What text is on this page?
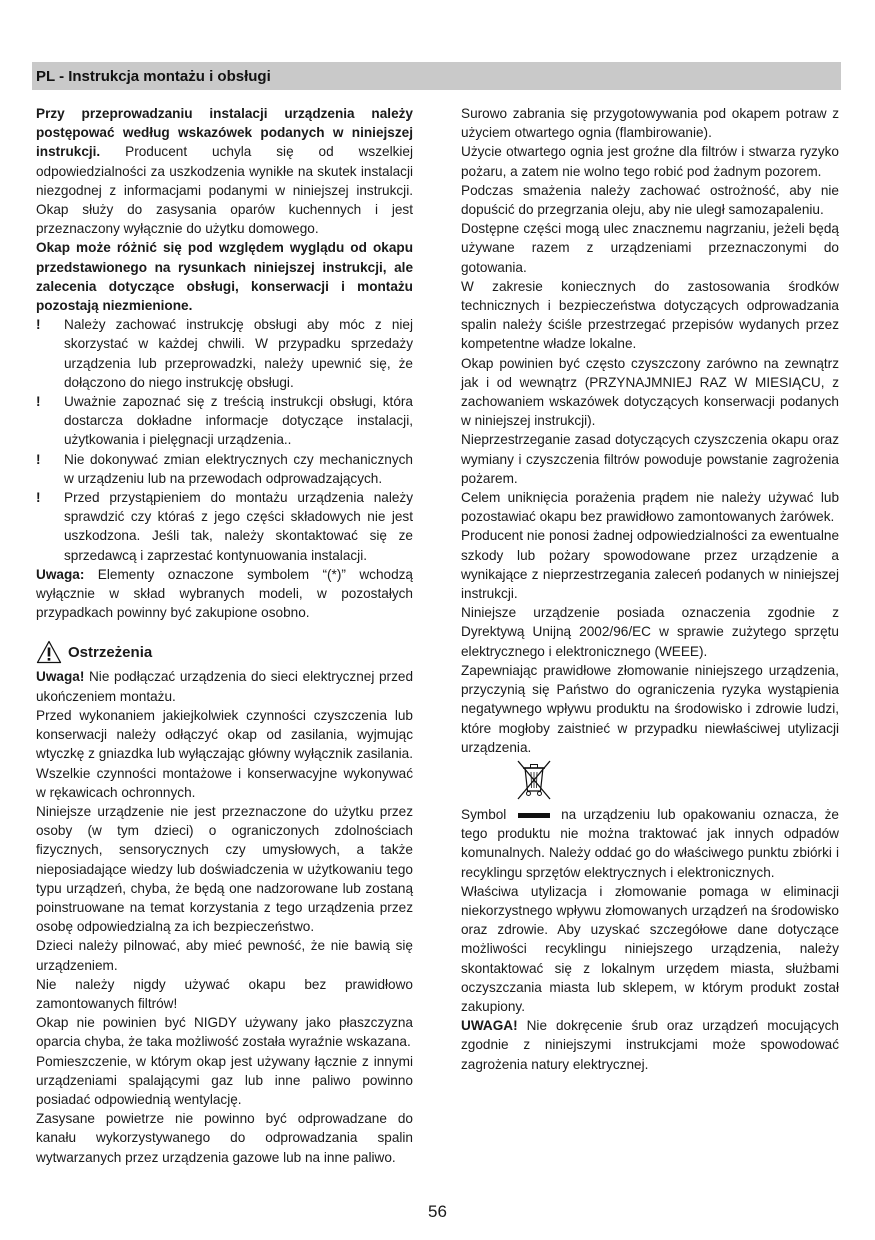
PL - Instrukcja montażu i obsługi

Przy przeprowadzaniu instalacji urządzenia należy postępować według wskazówek podanych w niniejszej instrukcji. Producent uchyla się od wszelkiej odpowiedzialności za uszkodzenia wynikłe na skutek instalacji niezgodnej z informacjami podanymi w niniejszej instrukcji. Okap służy do zasysania oparów kuchennych i jest przeznaczony wyłącznie do użytku domowego.

Okap może różnić się pod względem wyglądu od okapu przedstawionego na rysunkach niniejszej instrukcji, ale zalecenia dotyczące obsługi, konserwacji i montażu pozostają niezmienione.

!	Należy zachować instrukcję obsługi aby móc z niej skorzystać w każdej chwili. W przypadku sprzedaży urządzenia lub przeprowadzki, należy upewnić się, że dołączono do niego instrukcję obsługi.
!	Uważnie zapoznać się z treścią instrukcji obsługi, która dostarcza dokładne informacje dotyczące instalacji, użytkowania i pielęgnacji urządzenia..
!	Nie dokonywać zmian elektrycznych czy mechanicznych w urządzeniu lub na przewodach odprowadzających.
!	Przed przystąpieniem do montażu urządzenia należy sprawdzić czy któraś z jego części składowych nie jest uszkodzona. Jeśli tak, należy skontaktować się ze sprzedawcą i zaprzestać kontynuowania instalacji.

Uwaga: Elementy oznaczone symbolem “(*)” wchodzą wyłącznie w skład wybranych modeli, w pozostałych przypadkach powinny być zakupione osobno.

Ostrzeżenia

Uwaga! Nie podłączać urządzenia do sieci elektrycznej przed ukończeniem montażu.

Przed wykonaniem jakiejkolwiek czynności czyszczenia lub konserwacji należy odłączyć okap od zasilania, wyjmując wtyczkę z gniazdka lub wyłączając główny wyłącznik zasilania.

Wszelkie czynności montażowe i konserwacyjne wykonywać w rękawicach ochronnych.

Niniejsze urządzenie nie jest przeznaczone do użytku przez osoby (w tym dzieci) o ograniczonych zdolnościach fizycznych, sensorycznych czy umysłowych, a także nieposiadające wiedzy lub doświadczenia w użytkowaniu tego typu urządzeń, chyba, że będą one nadzorowane lub zostaną poinstruowane na temat korzystania z tego urządzenia przez osobę odpowiedzialną za ich bezpieczeństwo.

Dzieci należy pilnować, aby mieć pewność, że nie bawią się urządzeniem.

Nie należy nigdy używać okapu bez prawidłowo zamontowanych filtrów!

Okap nie powinien być NIGDY używany jako płaszczyzna oparcia chyba, że taka możliwość została wyraźnie wskazana.

Pomieszczenie, w którym okap jest używany łącznie z innymi urządzeniami spalającymi gaz lub inne paliwo powinno posiadać odpowiednią wentylację.

Zasysane powietrze nie powinno być odprowadzane do kanału wykorzystywanego do odprowadzania spalin wytwarzanych przez urządzenia gazowe lub na inne paliwo.

Surowo zabrania się przygotowywania pod okapem potraw z użyciem otwartego ognia (flambirowanie).

Użycie otwartego ognia jest groźne dla filtrów i stwarza ryzyko pożaru, a zatem nie wolno tego robić pod żadnym pozorem.

Podczas smażenia należy zachować ostrożność, aby nie dopuścić do przegrzania oleju, aby nie uległ samozapaleniu.

Dostępne części mogą ulec znacznemu nagrzaniu, jeżeli będą używane razem z urządzeniami przeznaczonymi do gotowania.

W zakresie koniecznych do zastosowania środków technicznych i bezpieczeństwa dotyczących odprowadzania spalin należy ściśle przestrzegać przepisów wydanych przez kompetentne władze lokalne.

Okap powinien być często czyszczony zarówno na zewnątrz jak i od wewnątrz (PRZYNAJMNIEJ RAZ W MIESIĄCU, z zachowaniem wskazówek dotyczących konserwacji podanych w niniejszej instrukcji).

Nieprzestrzeganie zasad dotyczących czyszczenia okapu oraz wymiany i czyszczenia filtrów powoduje powstanie zagrożenia pożarem.

Celem uniknięcia porażenia prądem nie należy używać lub pozostawiać okapu bez prawidłowo zamontowanych żarówek.

Producent nie ponosi żadnej odpowiedzialności za ewentualne szkody lub pożary spowodowane przez urządzenie a wynikające z nieprzestrzegania zaleceń podanych w niniejszej instrukcji.

Niniejsze urządzenie posiada oznaczenia zgodnie z Dyrektywą Unijną 2002/96/EC w sprawie zużytego sprzętu elektrycznego i elektronicznego (WEEE).

Zapewniając prawidłowe złomowanie niniejszego urządzenia, przyczynią się Państwo do ograniczenia ryzyka wystąpienia negatywnego wpływu produktu na środowisko i zdrowie ludzi, które mogłoby zaistnieć w przypadku niewłaściwej utylizacji urządzenia.

Symbol	na urządzeniu lub opakowaniu oznacza, że tego produktu nie można traktować jak innych odpadów komunalnych. Należy oddać go do właściwego punktu zbiórki i recyklingu sprzętów elektrycznych i elektronicznych.

Właściwa utylizacja i złomowanie pomaga w eliminacji niekorzystnego wpływu złomowanych urządzeń na środowisko oraz zdrowie. Aby uzyskać szczegółowe dane dotyczące możliwości recyklingu niniejszego urządzenia, należy skontaktować się z lokalnym urzędem miasta, służbami oczyszczania miasta lub sklepem, w którym produkt został zakupiony.

UWAGA! Nie dokręcenie śrub oraz urządzeń mocujących zgodnie z niniejszymi instrukcjami może spowodować zagrożenia natury elektrycznej.

56
